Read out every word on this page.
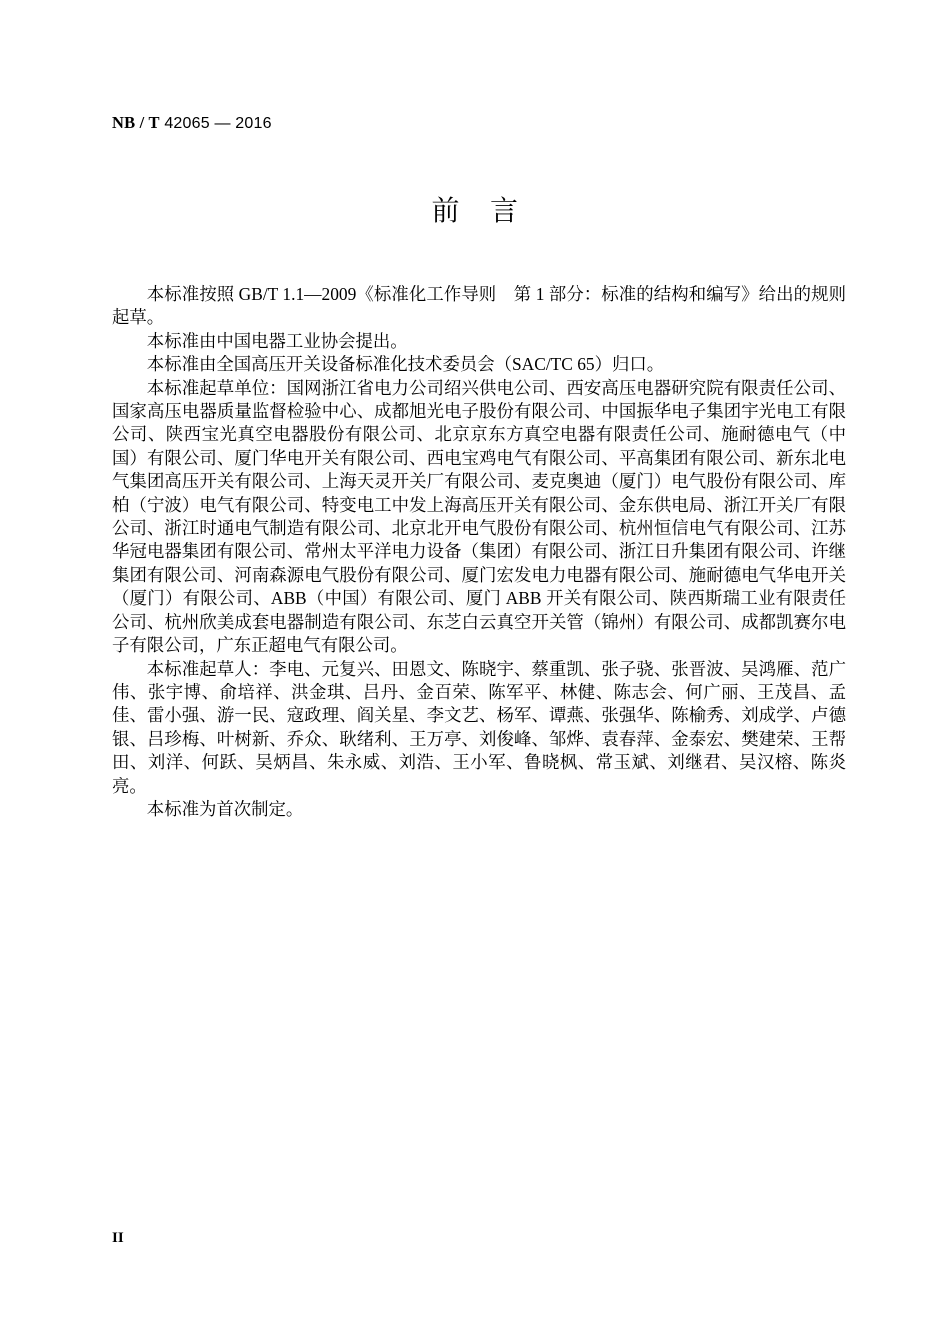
NB / T 42065 — 2016
前 言

本标准按照 GB/T 1.1—2009《标准化工作导则　第 1 部分：标准的结构和编写》给出的规则起草。

本标准由中国电器工业协会提出。

本标准由全国高压开关设备标准化技术委员会（SAC/TC 65）归口。

本标准起草单位：国网浙江省电力公司绍兴供电公司、西安高压电器研究院有限责任公司、国家高压电器质量监督检验中心、成都旭光电子股份有限公司、中国振华电子集团宇光电工有限公司、陕西宝光真空电器股份有限公司、北京京东方真空电器有限责任公司、施耐德电气（中国）有限公司、厦门华电开关有限公司、西电宝鸡电气有限公司、平高集团有限公司、新东北电气集团高压开关有限公司、上海天灵开关厂有限公司、麦克奥迪（厦门）电气股份有限公司、库柏（宁波）电气有限公司、特变电工中发上海高压开关有限公司、金东供电局、浙江开关厂有限公司、浙江时通电气制造有限公司、北京北开电气股份有限公司、杭州恒信电气有限公司、江苏华冠电器集团有限公司、常州太平洋电力设备（集团）有限公司、浙江日升集团有限公司、许继集团有限公司、河南森源电气股份有限公司、厦门宏发电力电器有限公司、施耐德电气华电开关（厦门）有限公司、ABB（中国）有限公司、厦门 ABB 开关有限公司、陕西斯瑞工业有限责任公司、杭州欣美成套电器制造有限公司、东芝白云真空开关管（锦州）有限公司、成都凯赛尔电子有限公司，广东正超电气有限公司。

本标准起草人：李电、元复兴、田恩文、陈晓宇、蔡重凯、张子骁、张晋波、吴鸿雁、范广伟、张宇博、俞培祥、洪金琪、吕丹、金百荣、陈军平、林健、陈志会、何广丽、王茂昌、孟佳、雷小强、游一民、寇政理、阎关星、李文艺、杨军、谭燕、张强华、陈榆秀、刘成学、卢德银、吕珍梅、叶树新、乔众、耿绪利、王万亭、刘俊峰、邹烨、袁春萍、金泰宏、樊建荣、王帮田、刘洋、何跃、吴炳昌、朱永威、刘浩、王小军、鲁晓枫、常玉斌、刘继君、吴汉榕、陈炎亮。

本标准为首次制定。

II
